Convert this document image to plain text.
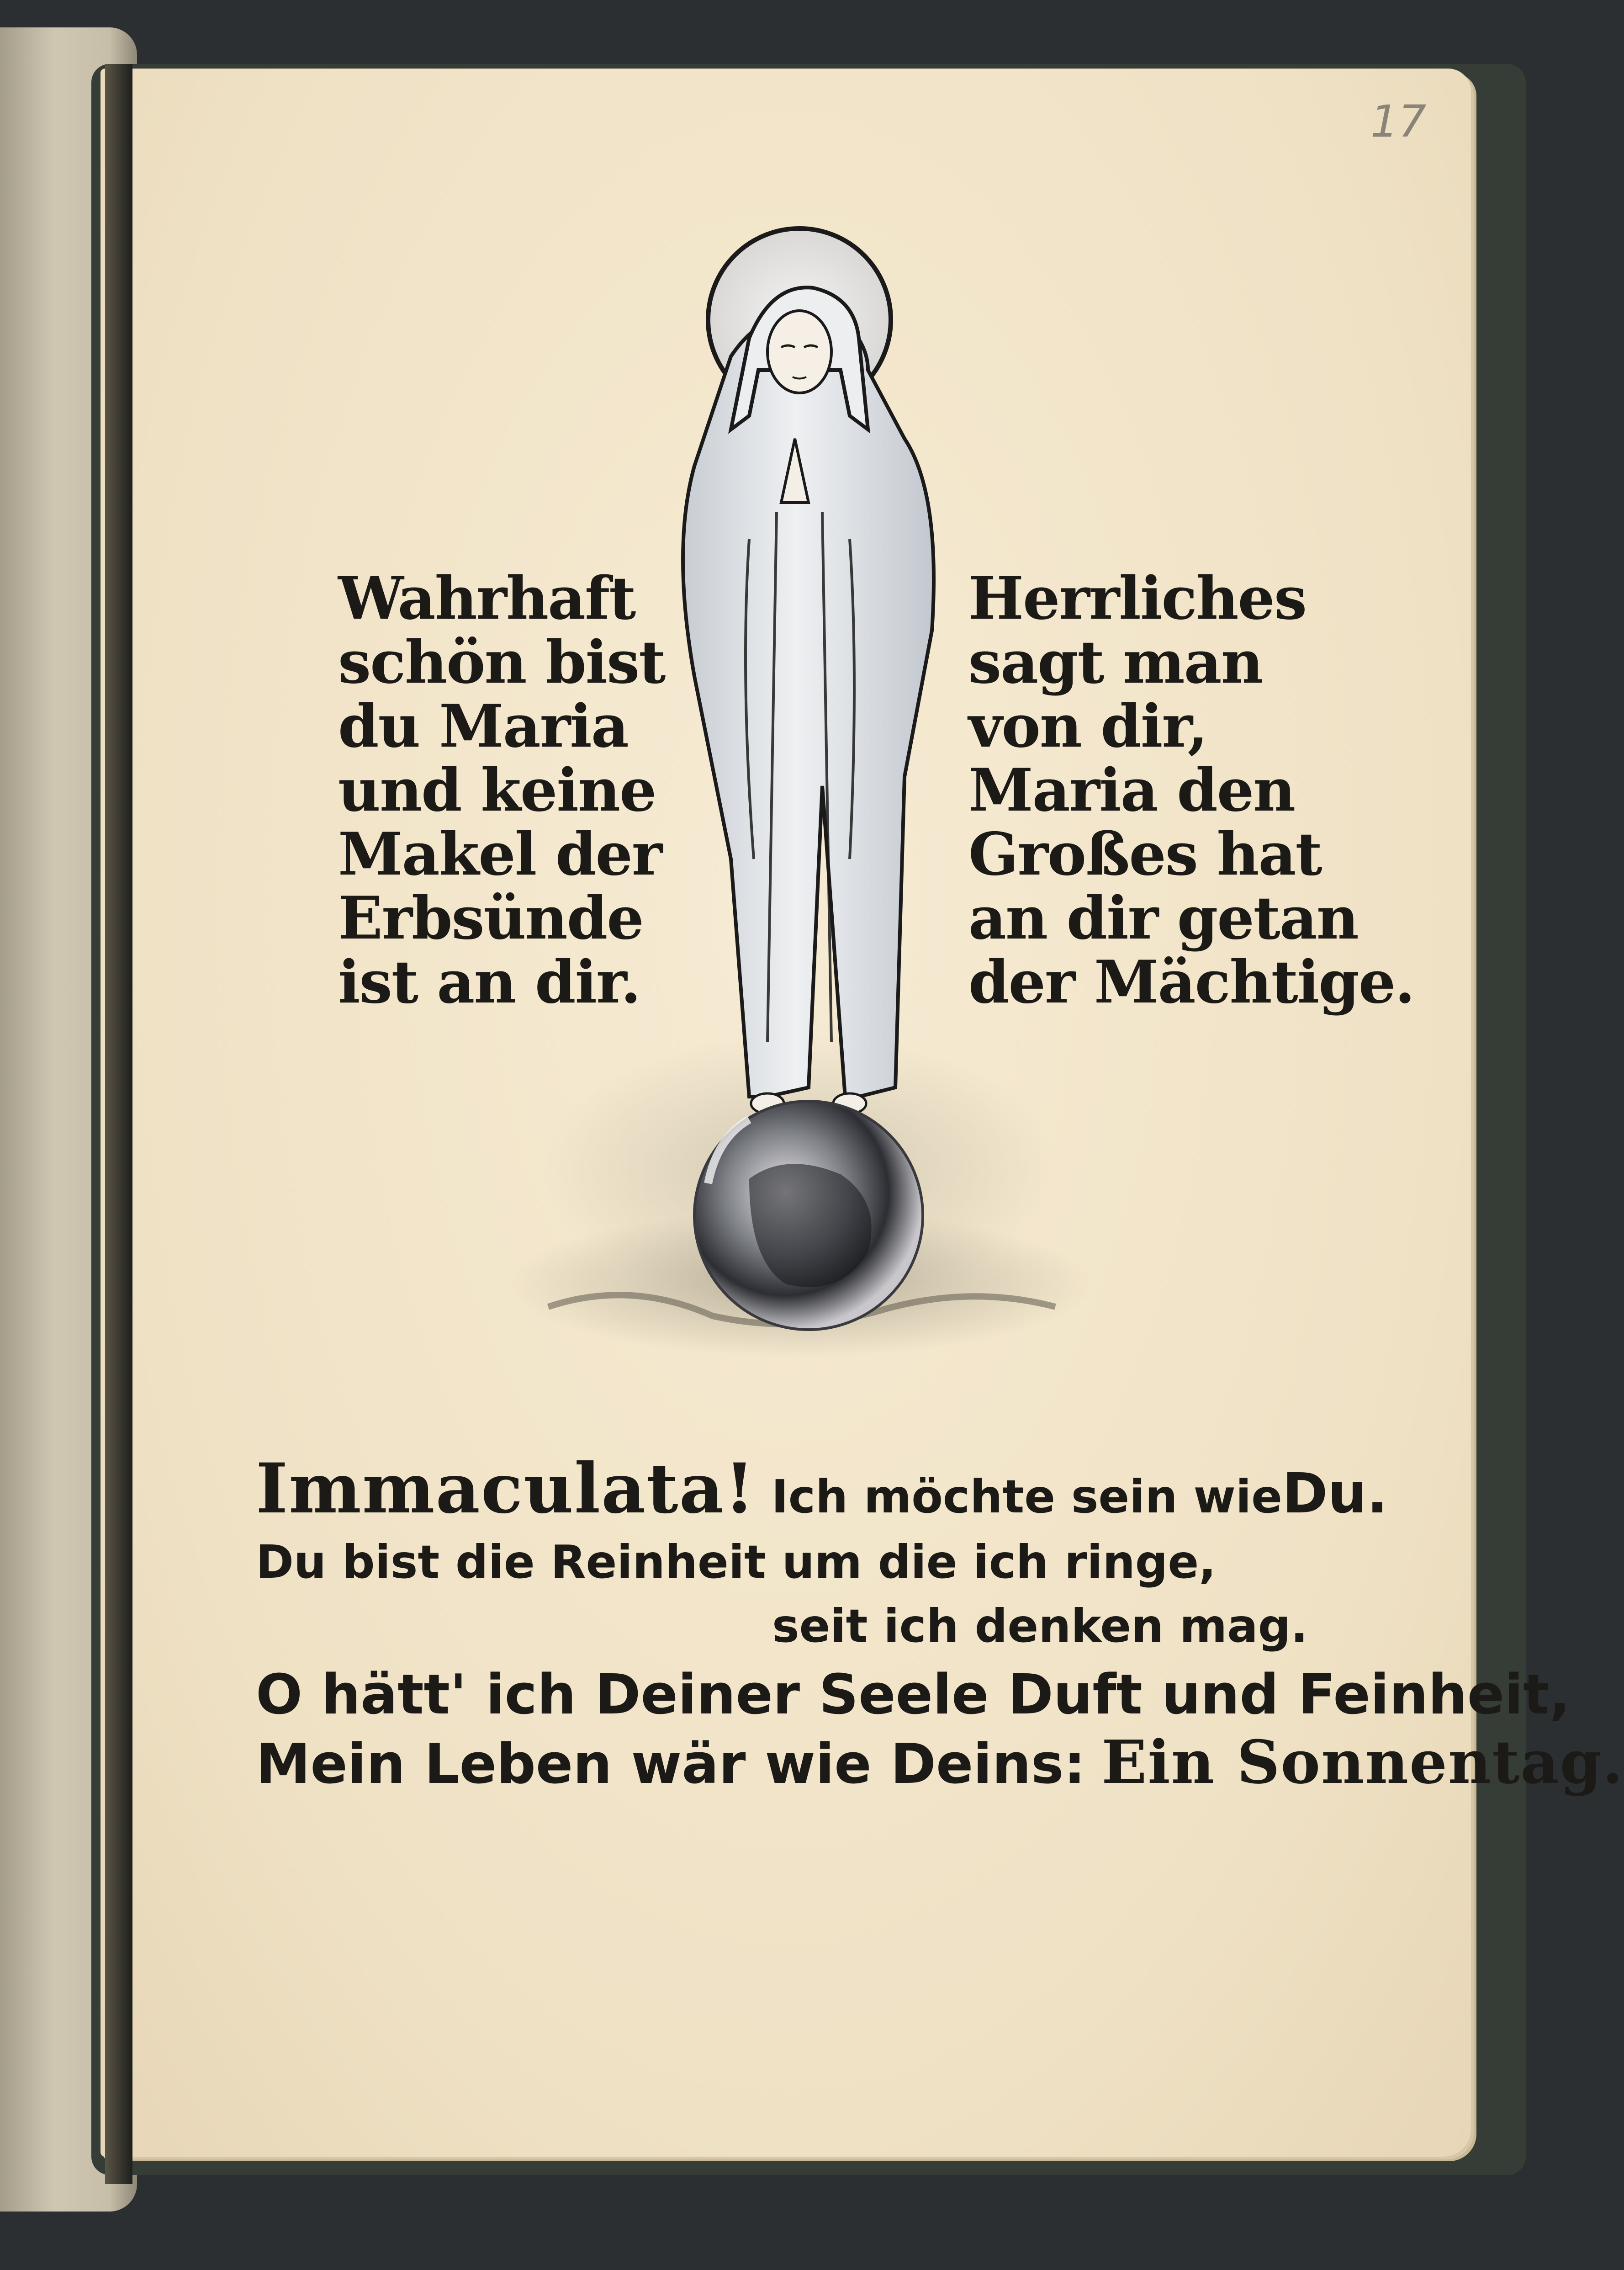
17
Wahrhaft
schön bist
du Maria
und keine
Makel der
Erbsünde
ist an dir.
Herrliches
sagt man
von dir,
Maria den
Großes hat
an dir getan
der Mächtige.
Immaculata! Ich möchte sein wieDu.
Du bist die Reinheit um die ich ringe,
seit ich denken mag.
O hätt' ich Deiner Seele Duft und Feinheit,
Mein Leben wär wie Deins: Ein Sonnentag.
